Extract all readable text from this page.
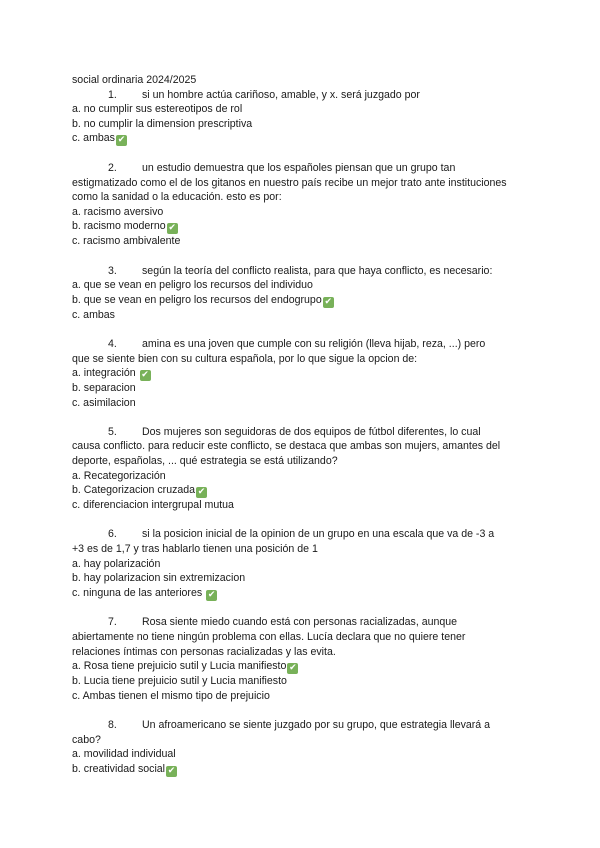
social ordinaria 2024/2025
1. si un hombre actúa cariñoso, amable, y x. será juzgado por
a. no cumplir sus estereotipos de rol
b. no cumplir la dimension prescriptiva
c. ambas ✔
2. un estudio demuestra que los españoles piensan que un grupo tan
estigmatizado como el de los gitanos en nuestro país recibe un mejor trato ante instituciones
como la sanidad o la educación. esto es por:
a. racismo aversivo
b. racismo moderno ✔
c. racismo ambivalente
3. según la teoría del conflicto realista, para que haya conflicto, es necesario:
a. que se vean en peligro los recursos del individuo
b. que se vean en peligro los recursos del endogrupo ✔
c. ambas
4. amina es una joven que cumple con su religión (lleva hijab, reza, ...) pero
que se siente bien con su cultura española, por lo que sigue la opcion de:
a. integración ✔
b. separacion
c. asimilacion
5. Dos mujeres son seguidoras de dos equipos de fútbol diferentes, lo cual
causa conflicto. para reducir este conflicto, se destaca que ambas son mujers, amantes del
deporte, españolas, ... qué estrategia se está utilizando?
a. Recategorización
b. Categorizacion cruzada ✔
c. diferenciacion intergrupal mutua
6. si la posicion inicial de la opinion de un grupo en una escala que va de -3 a
+3 es de 1,7 y tras hablarlo tienen una posición de 1
a. hay polarización
b. hay polarizacion sin extremizacion
c. ninguna de las anteriores ✔
7. Rosa siente miedo cuando está con personas racializadas, aunque
abiertamente no tiene ningún problema con ellas. Lucía declara que no quiere tener
relaciones íntimas con personas racializadas y las evita.
a. Rosa tiene prejuicio sutil y Lucia manifiesto ✔
b. Lucia tiene prejuicio sutil y Lucia manifiesto
c. Ambas tienen el mismo tipo de prejuicio
8. Un afroamericano se siente juzgado por su grupo, que estrategia llevará a
cabo?
a. movilidad individual
b. creatividad social ✔
